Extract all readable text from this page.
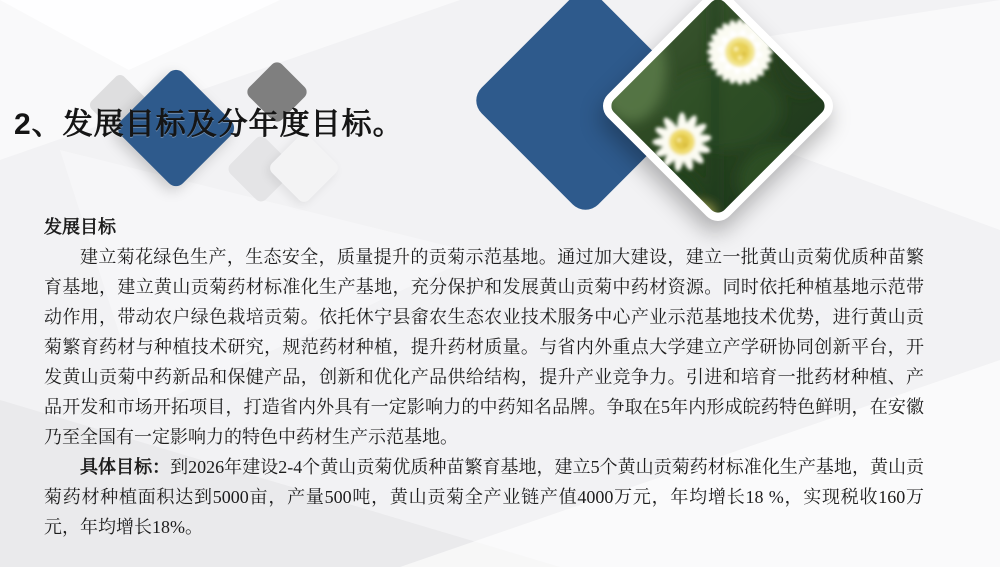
2、发展目标及分年度目标。
发展目标

建立菊花绿色生产，生态安全，质量提升的贡菊示范基地。通过加大建设，建立一批黄山贡菊优质种苗繁育基地，建立黄山贡菊药材标准化生产基地，充分保护和发展黄山贡菊中药材资源。同时依托种植基地示范带动作用，带动农户绿色栽培贡菊。依托休宁县畲农生态农业技术服务中心产业示范基地技术优势，进行黄山贡菊繁育药材与种植技术研究，规范药材种植，提升药材质量。与省内外重点大学建立产学研协同创新平台，开发黄山贡菊中药新品和保健产品，创新和优化产品供给结构，提升产业竞争力。引进和培育一批药材种植、产品开发和市场开拓项目，打造省内外具有一定影响力的中药知名品牌。争取在5年内形成皖药特色鲜明，在安徽乃至全国有一定影响力的特色中药材生产示范基地。

具体目标：到2026年建设2-4个黄山贡菊优质种苗繁育基地，建立5个黄山贡菊药材标准化生产基地，黄山贡菊药材种植面积达到5000亩，产量500吨，黄山贡菊全产业链产值4000万元，年均增长18 %，实现税收160万元，年均增长18%。
